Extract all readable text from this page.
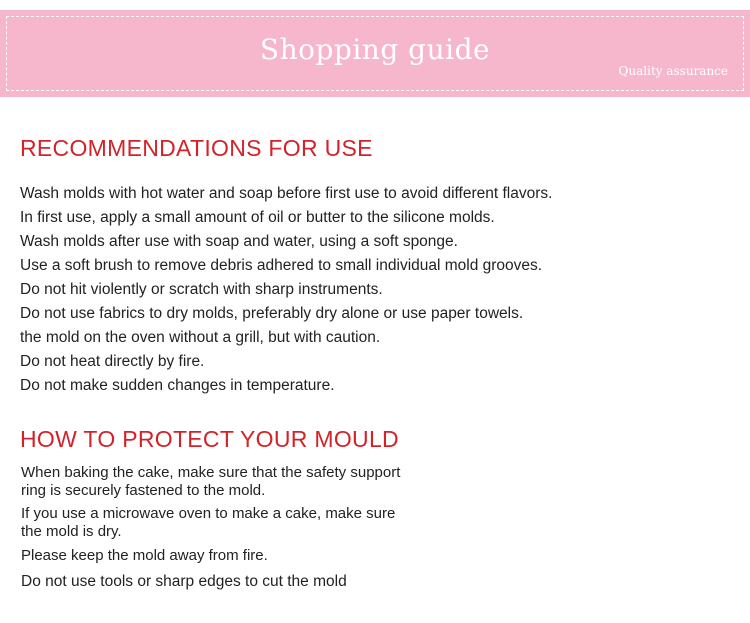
Shopping guide
Quality assurance
RECOMMENDATIONS FOR USE
Wash molds with hot water and soap before first use to avoid different flavors.
In first use, apply a small amount of oil or butter to the silicone molds.
Wash molds after use with soap and water, using a soft sponge.
Use a soft brush to remove debris adhered to small individual mold grooves.
Do not hit violently or scratch with sharp instruments.
Do not use fabrics to dry molds, preferably dry alone or use paper towels.
the mold on the oven without a grill, but with caution.
Do not heat directly by fire.
Do not make sudden changes in temperature.
HOW TO PROTECT YOUR MOULD
When baking the cake, make sure that the safety support
ring is securely fastened to the mold.
If you use a microwave oven to make a cake, make sure
the mold is dry.
Please keep the mold away from fire.
Do not use tools or sharp edges to cut the mold
